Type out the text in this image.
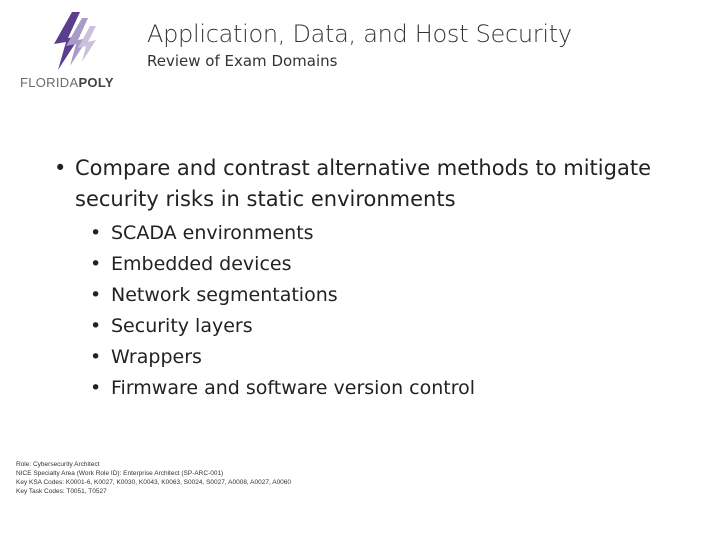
FLORIDAPOLY
Application, Data, and Host Security
Review of Exam Domains
• Compare and contrast alternative methods to mitigate security risks in static environments
• SCADA environments
• Embedded devices
• Network segmentations
• Security layers
• Wrappers
• Firmware and software version control
Role: Cybersecurity Architect
NICE Specialty Area (Work Role ID): Enterprise Architect (SP-ARC-001)
Key KSA Codes: K0001-6, K0027, K0030, K0043, K0063, S0024, S0027, A0008, A0027, A0060
Key Task Codes: T0051, T0527
